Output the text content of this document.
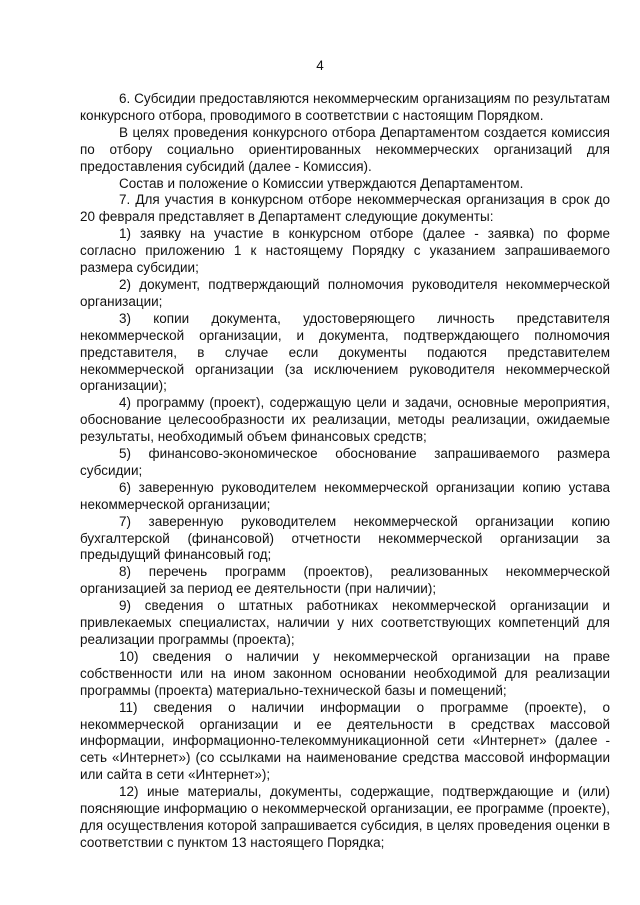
4

6. Субсидии предоставляются некоммерческим организациям по результатам конкурсного отбора, проводимого в соответствии с настоящим Порядком.

В целях проведения конкурсного отбора Департаментом создается комиссия по отбору социально ориентированных некоммерческих организаций для предоставления субсидий (далее - Комиссия).

Состав и положение о Комиссии утверждаются Департаментом.

7. Для участия в конкурсном отборе некоммерческая организация в срок до 20 февраля представляет в Департамент следующие документы:

1) заявку на участие в конкурсном отборе (далее - заявка) по форме согласно приложению 1 к настоящему Порядку с указанием запрашиваемого размера субсидии;

2) документ, подтверждающий полномочия руководителя некоммерческой организации;

3) копии документа, удостоверяющего личность представителя некоммерческой организации, и документа, подтверждающего полномочия представителя, в случае если документы подаются представителем некоммерческой организации (за исключением руководителя некоммерческой организации);

4) программу (проект), содержащую цели и задачи, основные мероприятия, обоснование целесообразности их реализации, методы реализации, ожидаемые результаты, необходимый объем финансовых средств;

5) финансово-экономическое обоснование запрашиваемого размера субсидии;

6) заверенную руководителем некоммерческой организации копию устава некоммерческой организации;

7) заверенную руководителем некоммерческой организации копию бухгалтерской (финансовой) отчетности некоммерческой организации за предыдущий финансовый год;

8) перечень программ (проектов), реализованных некоммерческой организацией за период ее деятельности (при наличии);

9) сведения о штатных работниках некоммерческой организации и привлекаемых специалистах, наличии у них соответствующих компетенций для реализации программы (проекта);

10) сведения о наличии у некоммерческой организации на праве собственности или на ином законном основании необходимой для реализации программы (проекта) материально-технической базы и помещений;

11) сведения о наличии информации о программе (проекте), о некоммерческой организации и ее деятельности в средствах массовой информации, информационно-телекоммуникационной сети «Интернет» (далее - сеть «Интернет») (со ссылками на наименование средства массовой информации или сайта в сети «Интернет»);

12) иные материалы, документы, содержащие, подтверждающие и (или) поясняющие информацию о некоммерческой организации, ее программе (проекте), для осуществления которой запрашивается субсидия, в целях проведения оценки в соответствии с пунктом 13 настоящего Порядка;
